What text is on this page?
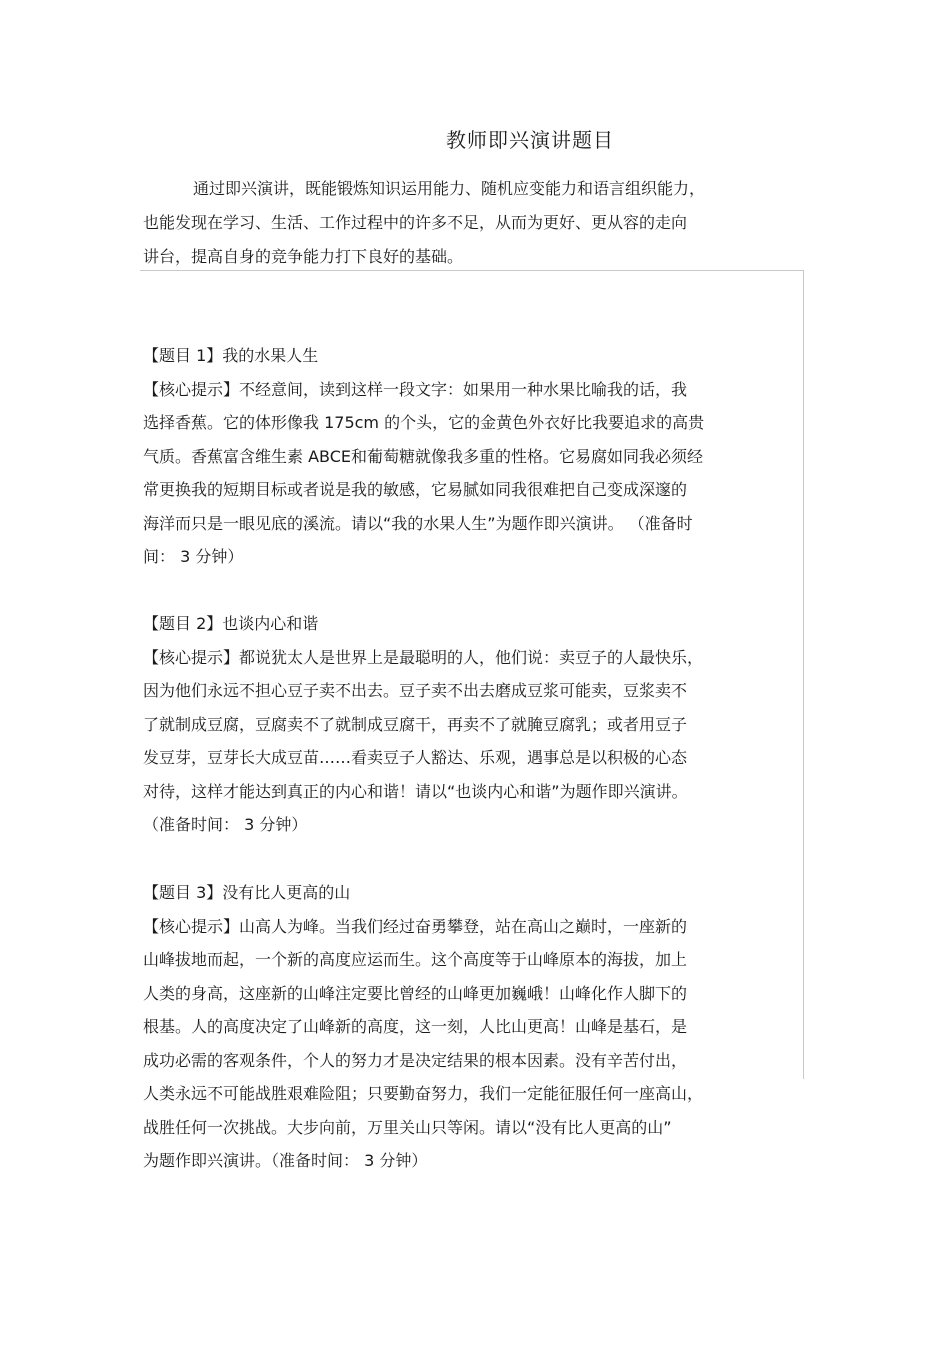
教师即兴演讲题目
通过即兴演讲，既能锻炼知识运用能力、随机应变能力和语言组织能力，
也能发现在学习、生活、工作过程中的许多不足，从而为更好、更从容的走向
讲台，提高自身的竞争能力打下良好的基础。
【题目 1】我的水果人生
【核心提示】不经意间，读到这样一段文字：如果用一种水果比喻我的话，我
选择香蕉。它的体形像我 175cm 的个头，它的金黄色外衣好比我要追求的高贵
气质。香蕉富含维生素 ABCE和葡萄糖就像我多重的性格。它易腐如同我必须经
常更换我的短期目标或者说是我的敏感，它易腻如同我很难把自己变成深邃的
海洋而只是一眼见底的溪流。请以“我的水果人生”为题作即兴演讲。 （准备时
间： 3 分钟）
【题目 2】也谈内心和谐
【核心提示】都说犹太人是世界上是最聪明的人，他们说：卖豆子的人最快乐，
因为他们永远不担心豆子卖不出去。豆子卖不出去磨成豆浆可能卖，豆浆卖不
了就制成豆腐，豆腐卖不了就制成豆腐干，再卖不了就腌豆腐乳；或者用豆子
发豆芽，豆芽长大成豆苗……看卖豆子人豁达、乐观，遇事总是以积极的心态
对待，这样才能达到真正的内心和谐！请以“也谈内心和谐”为题作即兴演讲。
（准备时间： 3 分钟）
【题目 3】没有比人更高的山
【核心提示】山高人为峰。当我们经过奋勇攀登，站在高山之巅时，一座新的
山峰拔地而起，一个新的高度应运而生。这个高度等于山峰原本的海拔，加上
人类的身高，这座新的山峰注定要比曾经的山峰更加巍峨！山峰化作人脚下的
根基。人的高度决定了山峰新的高度，这一刻，人比山更高！山峰是基石，是
成功必需的客观条件，个人的努力才是决定结果的根本因素。没有辛苦付出，
人类永远不可能战胜艰难险阻；只要勤奋努力，我们一定能征服任何一座高山，
战胜任何一次挑战。大步向前，万里关山只等闲。请以“没有比人更高的山”
为题作即兴演讲。（准备时间： 3 分钟）
